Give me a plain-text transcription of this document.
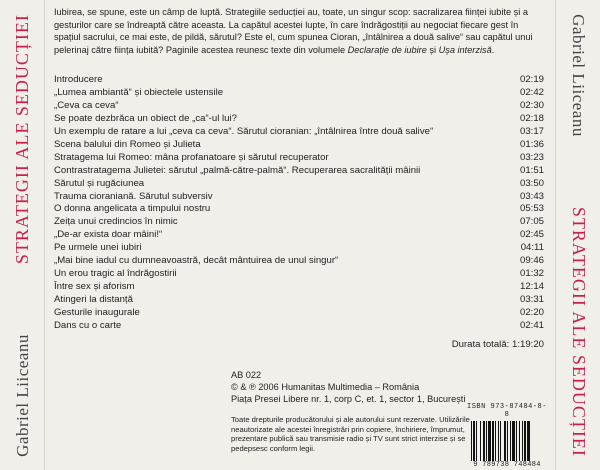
Gabriel Liiceanu
STRATEGII ALE SEDUCȚIEI	Gabriel Liiceanu
STRATEGII ALE SEDUCȚIEI

Iubirea, se spune, este un câmp de luptă. Strategiile seducției au, toate, un singur scop: sacralizarea ființei iubite și a gesturilor care se îndreaptă către aceasta. La capătul acestei lupte, în care îndrăgostiții au negociat fiecare gest în spațiul sacrului, ce mai este, de pildă, sărutul? Este el, cum spunea Cioran, „întâlnirea a două salive“ sau capătul unui pelerinaj către ființa iubită? Paginile acestea reunesc texte din volumele Declarație de iubire și Ușa interzisă.

Introducere	02:19
„Lumea ambiantă“ și obiectele ustensile	02:42
„Ceva ca ceva“	02:30
Se poate dezbrăca un obiect de „ca“-ul lui?	02:18
Un exemplu de ratare a lui „ceva ca ceva“. Sărutul cioranian: „întâlnirea între două salive“	03:17
Scena balului din Romeo și Julieta	01:36
Stratagema lui Romeo: mâna profanatoare și sărutul recuperator	03:23
Contrastratagema Julietei: sărutul „palmă-către-palmă“. Recuperarea sacralității mâinii	01:51
Sărutul și rugăciunea	03:50
Trauma cioraniană. Sărutul subversiv	03:43
O donna angelicata a timpului nostru	05:53
Zeița unui credincios în nimic	07:05
„De-ar exista doar mâini!“	02:45
Pe urmele unei iubiri	04:11
„Mai bine iadul cu dumneavoastră, decât mântuirea de unul singur“	09:46
Un erou tragic al îndrăgostirii	01:32
Între sex și aforism	12:14
Atingeri la distanță	03:31
Gesturile inaugurale	02:20
Dans cu o carte	02:41
Durata totală: 1:19:20

AB 022

© & ℗ 2006 Humanitas Multimedia – România

Piața Presei Libere nr. 1, corp C, et. 1, sector 1, București

Toate drepturile producătorului și ale autorului sunt rezervate. Utilizările neautorizate ale acestei înregistrări prin copiere, închiriere, împrumut, prezentare publică sau transmisie radio și TV sunt strict interzise și se pedepsesc conform legii.

ISBN 973-87484-8-8
9 789738 748484
